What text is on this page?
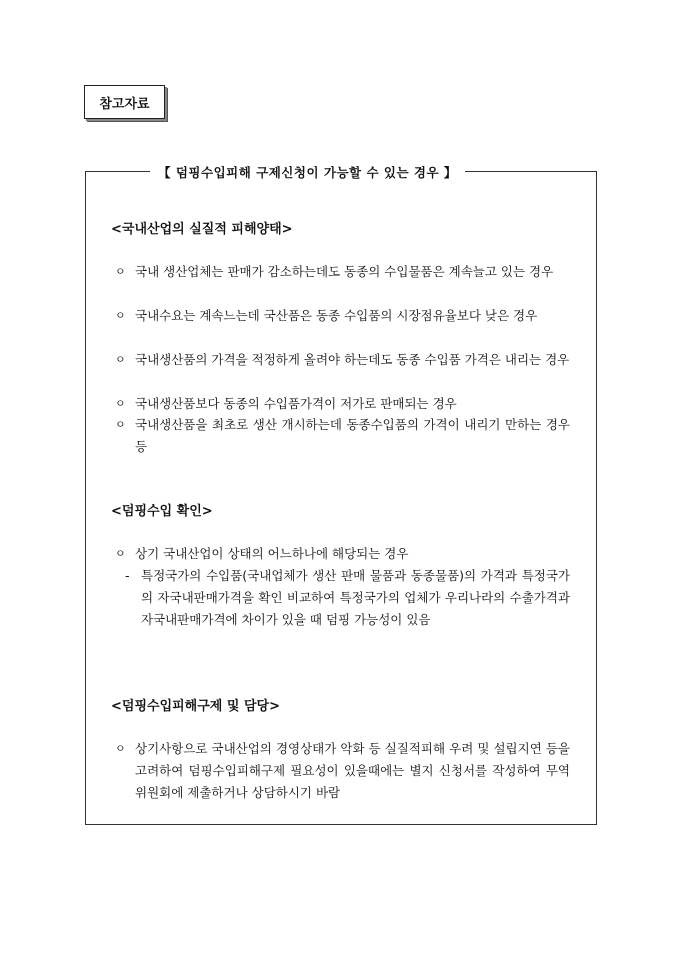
참고자료
【 덤핑수입피해 구제신청이 가능할 수 있는 경우 】
<국내산업의 실질적 피해양태>
ㅇ 국내 생산업체는 판매가 감소하는데도 동종의 수입물품은 계속늘고 있는 경우
ㅇ 국내수요는 계속느는데 국산품은 동종 수입품의 시장점유율보다 낮은 경우
ㅇ 국내생산품의 가격을 적정하게 올려야 하는데도 동종 수입품 가격은 내리는 경우
ㅇ 국내생산품보다 동종의 수입품가격이 저가로 판매되는 경우
ㅇ 국내생산품을 최초로 생산 개시하는데 동종수입품의 가격이 내리기 만하는 경우 등
<덤핑수입 확인>
ㅇ 상기 국내산업이 상태의 어느하나에 해당되는 경우
- 특정국가의 수입품(국내업체가 생산 판매 물품과 동종물품)의 가격과 특정국가의 자국내판매가격을 확인 비교하여 특정국가의 업체가 우리나라의 수출가격과 자국내판매가격에 차이가 있을 때 덤핑 가능성이 있음
<덤핑수입피해구제 및 담당>
ㅇ 상기사항으로 국내산업의 경영상태가 악화 등 실질적피해 우려 및 설립지연 등을 고려하여 덤핑수입피해구제 필요성이 있을때에는 별지 신청서를 작성하여 무역위원회에 제출하거나 상담하시기 바람
